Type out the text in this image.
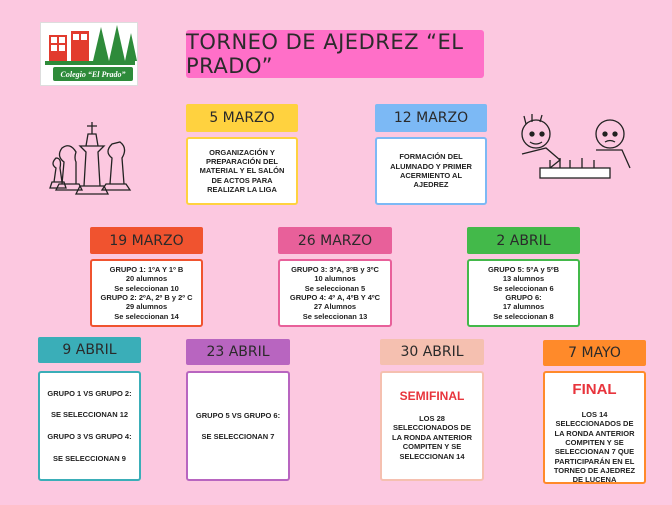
Colegio “El Prado”
TORNEO DE AJEDREZ “EL PRADO”
5 MARZO

ORGANIZACIÓN Y PREPARACIÓN DEL MATERIAL Y EL SALÓN DE ACTOS PARA REALIZAR LA LIGA

12 MARZO

FORMACIÓN DEL ALUMNADO Y PRIMER ACERMIENTO AL AJEDREZ

19 MARZO

GRUPO 1: 1ºA Y 1º B

20 alumnos

Se seleccionan 10

GRUPO 2: 2ºA, 2º B y 2º C

29 alumnos

Se seleccionan 14

26 MARZO

GRUPO 3: 3ºA, 3ºB y 3ºC

10 alumnos

Se seleccionan 5

GRUPO 4: 4º A, 4ºB Y 4ºC

27 Alumnos

Se seleccionan 13

2 ABRIL

GRUPO 5: 5ºA y 5ºB

13 alumnos

Se seleccionan 6

GRUPO 6:

17 alumnos

Se seleccionan 8

9 ABRIL

GRUPO 1 VS GRUPO 2:

SE SELECCIONAN 12

GRUPO 3 VS GRUPO 4:

SE SELECCIONAN 9

23 ABRIL

GRUPO 5 VS GRUPO 6:

SE SELECCIONAN 7

30 ABRIL

SEMIFINAL

LOS 28 SELECCIONADOS DE LA RONDA ANTERIOR COMPITEN Y SE SELECCIONAN 14

7 MAYO

FINAL

LOS 14 SELECCIONADOS DE LA RONDA ANTERIOR COMPITEN Y SE SELECCIONAN 7 QUE PARTICIPARÁN EN EL TORNEO DE AJEDREZ DE LUCENA
